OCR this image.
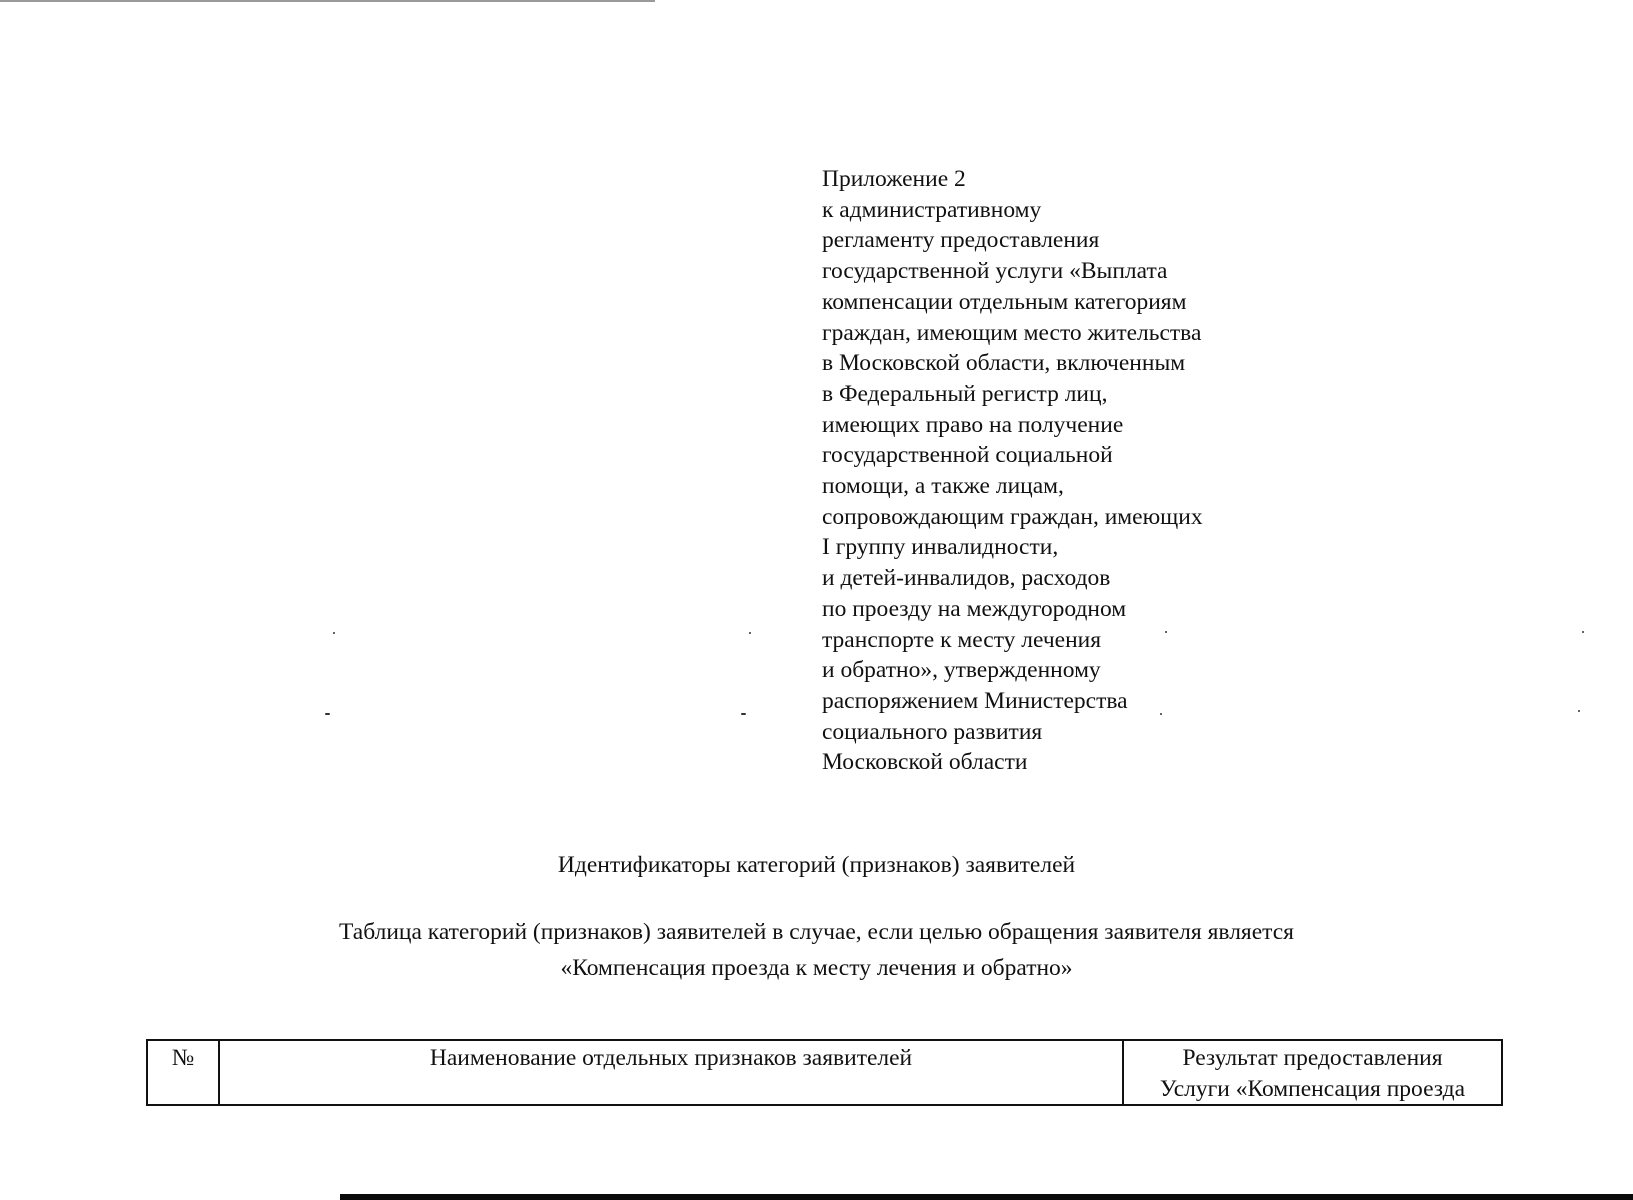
Приложение 2
к административному
регламенту предоставления
государственной услуги «Выплата
компенсации отдельным категориям
граждан, имеющим место жительства
в Московской области, включенным
в Федеральный регистр лиц,
имеющих право на получение
государственной социальной
помощи, а также лицам,
сопровождающим граждан, имеющих
I группу инвалидности,
и детей-инвалидов, расходов
по проезду на междугородном
транспорте к месту лечения
и обратно», утвержденному
распоряжением Министерства
социального развития
Московской области
Идентификаторы категорий (признаков) заявителей
Таблица категорий (признаков) заявителей в случае, если целью обращения заявителя является
«Компенсация проезда к месту лечения и обратно»
№	Наименование отдельных признаков заявителей	Результат предоставления
Услуги «Компенсация проезда
